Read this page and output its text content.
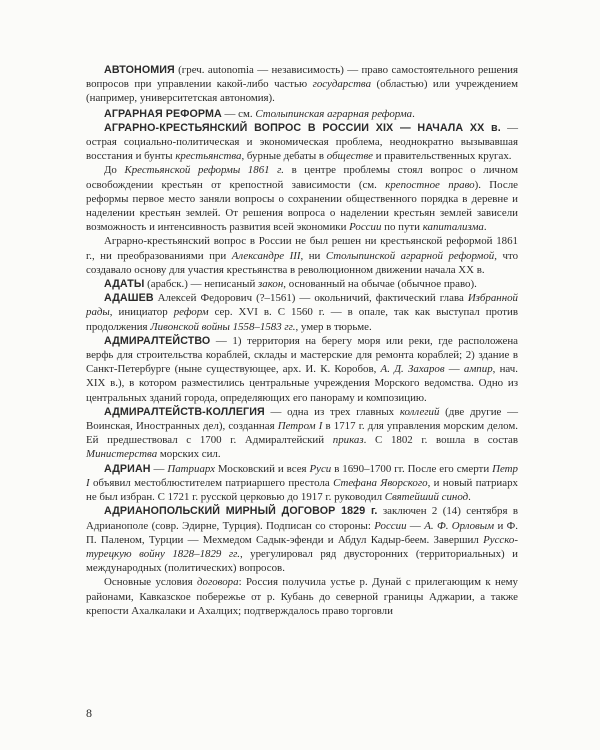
АВТОНОМИЯ (греч. autonomia — независимость) — право самостоятельного решения вопросов при управлении какой-либо частью государства (областью) или учреждением (например, университетская автономия).

АГРАРНАЯ РЕФОРМА — см. Столыпинская аграрная реформа.

АГРАРНО-КРЕСТЬЯНСКИЙ ВОПРОС В РОССИИ XIX — НАЧАЛА XX в. — острая социально-политическая и экономическая проблема, неоднократно вызывавшая восстания и бунты крестьянства, бурные дебаты в обществе и правительственных кругах.

До Крестьянской реформы 1861 г. в центре проблемы стоял вопрос о личном освобождении крестьян от крепостной зависимости (см. крепостное право). После реформы первое место заняли вопросы о сохранении общественного порядка в деревне и наделении крестьян землей. От решения вопроса о наделении крестьян землей зависели возможность и интенсивность развития всей экономики России по пути капитализма.

Аграрно-крестьянский вопрос в России не был решен ни крестьянской реформой 1861 г., ни преобразованиями при Александре III, ни Столыпинской аграрной реформой, что создавало основу для участия крестьянства в революционном движении начала XX в.

АДАТЫ (арабск.) — неписаный закон, основанный на обычае (обычное право).

АДАШЕВ Алексей Федорович (?–1561) — окольничий, фактический глава Избранной рады, инициатор реформ сер. XVI в. С 1560 г. — в опале, так как выступал против продолжения Ливонской войны 1558–1583 гг., умер в тюрьме.

АДМИРАЛТЕЙСТВО — 1) территория на берегу моря или реки, где расположена верфь для строительства кораблей, склады и мастерские для ремонта кораблей; 2) здание в Санкт-Петербурге (ныне существующее, арх. И. К. Коробов, А. Д. Захаров — ампир, нач. XIX в.), в котором разместились центральные учреждения Морского ведомства. Одно из центральных зданий города, определяющих его панораму и композицию.

АДМИРАЛТЕЙСТВ-КОЛЛЕГИЯ — одна из трех главных коллегий (две другие — Воинская, Иностранных дел), созданная Петром I в 1717 г. для управления морским делом. Ей предшествовал с 1700 г. Адмиралтейский приказ. С 1802 г. вошла в состав Министерства морских сил.

АДРИАН — Патриарх Московский и всея Руси в 1690–1700 гг. После его смерти Петр I объявил местоблюстителем патриаршего престола Стефана Яворского, и новый патриарх не был избран. С 1721 г. русской церковью до 1917 г. руководил Святейший синод.

АДРИАНОПОЛЬСКИЙ МИРНЫЙ ДОГОВОР 1829 г. заключен 2 (14) сентября в Адрианополе (совр. Эдирне, Турция). Подписан со стороны: России — А. Ф. Орловым и Ф. П. Паленом, Турции — Мехмедом Садык-эфенди и Абдул Кадыр-беем. Завершил Русско-турецкую войну 1828–1829 гг., урегулировал ряд двусторонних (территориальных) и международных (политических) вопросов.

Основные условия договора: Россия получила устье р. Дунай с прилегающим к нему районами, Кавказское побережье от р. Кубань до северной границы Аджарии, а также крепости Ахалкалаки и Ахалцих; подтверждалось право торговли

8
